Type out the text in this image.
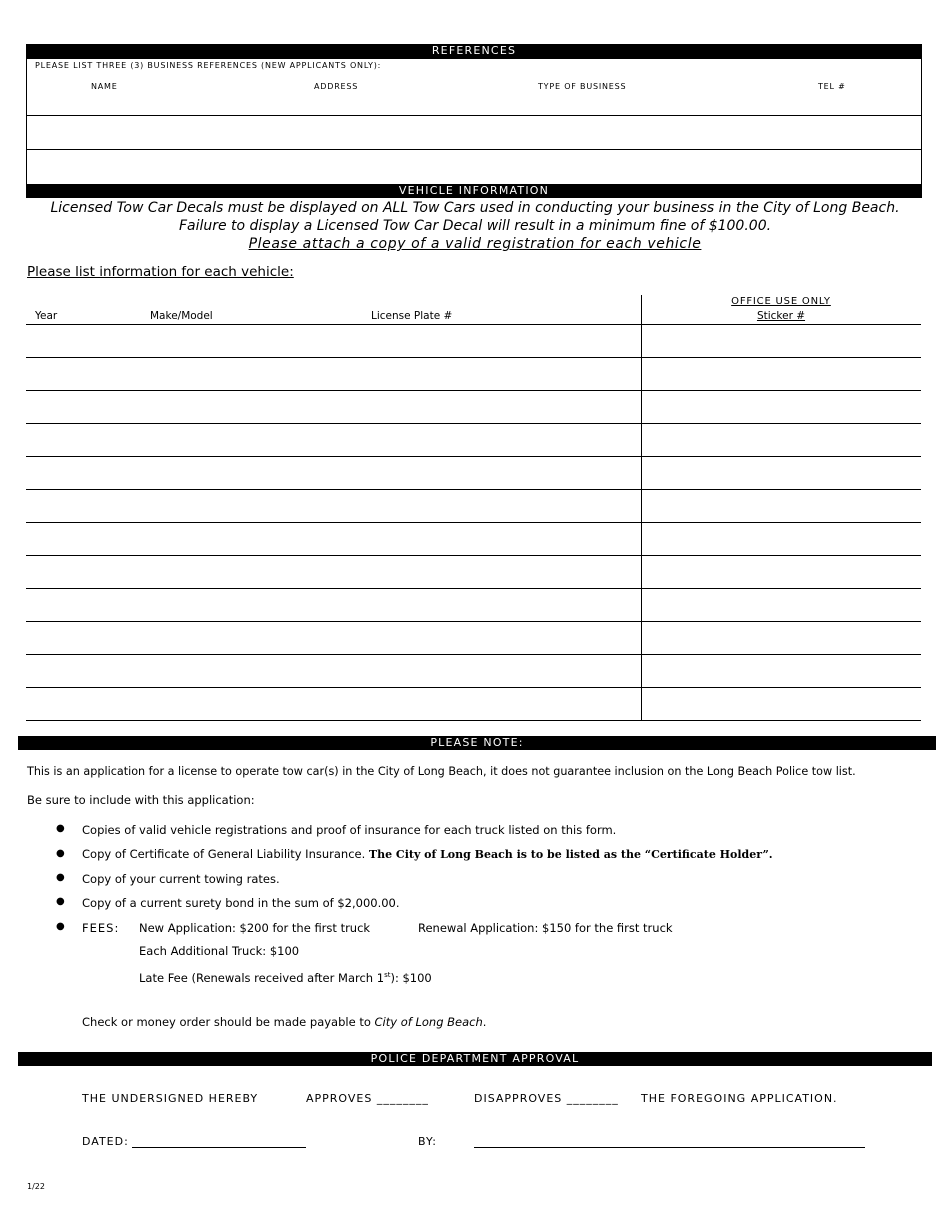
REFERENCES
PLEASE LIST THREE (3) BUSINESS REFERENCES (NEW APPLICANTS ONLY):
NAME	ADDRESS	TYPE OF BUSINESS	TEL #
VEHICLE INFORMATION
Licensed Tow Car Decals must be displayed on ALL Tow Cars used in conducting your business in the City of Long Beach.
Failure to display a Licensed Tow Car Decal will result in a minimum fine of $100.00.
Please attach a copy of a valid registration for each vehicle
Please list information for each vehicle:
Year	Make/Model	License Plate #
OFFICE USE ONLY
Sticker #
PLEASE NOTE:
This is an application for a license to operate tow car(s) in the City of Long Beach, it does not guarantee inclusion on the Long Beach Police tow list.
Be sure to include with this application:
● Copies of valid vehicle registrations and proof of insurance for each truck listed on this form.
● Copy of Certificate of General Liability Insurance. The City of Long Beach is to be listed as the “Certificate Holder”.
● Copy of your current towing rates.
● Copy of a current surety bond in the sum of $2,000.00.
● FEES: New Application: $200 for the first truck	Renewal Application: $150 for the first truck
Each Additional Truck: $100
Late Fee (Renewals received after March 1st): $100
Check or money order should be made payable to City of Long Beach.
POLICE DEPARTMENT APPROVAL
THE UNDERSIGNED HEREBY	APPROVES ________	DISAPPROVES ________ THE FOREGOING APPLICATION.
DATED:	BY:
1/22
